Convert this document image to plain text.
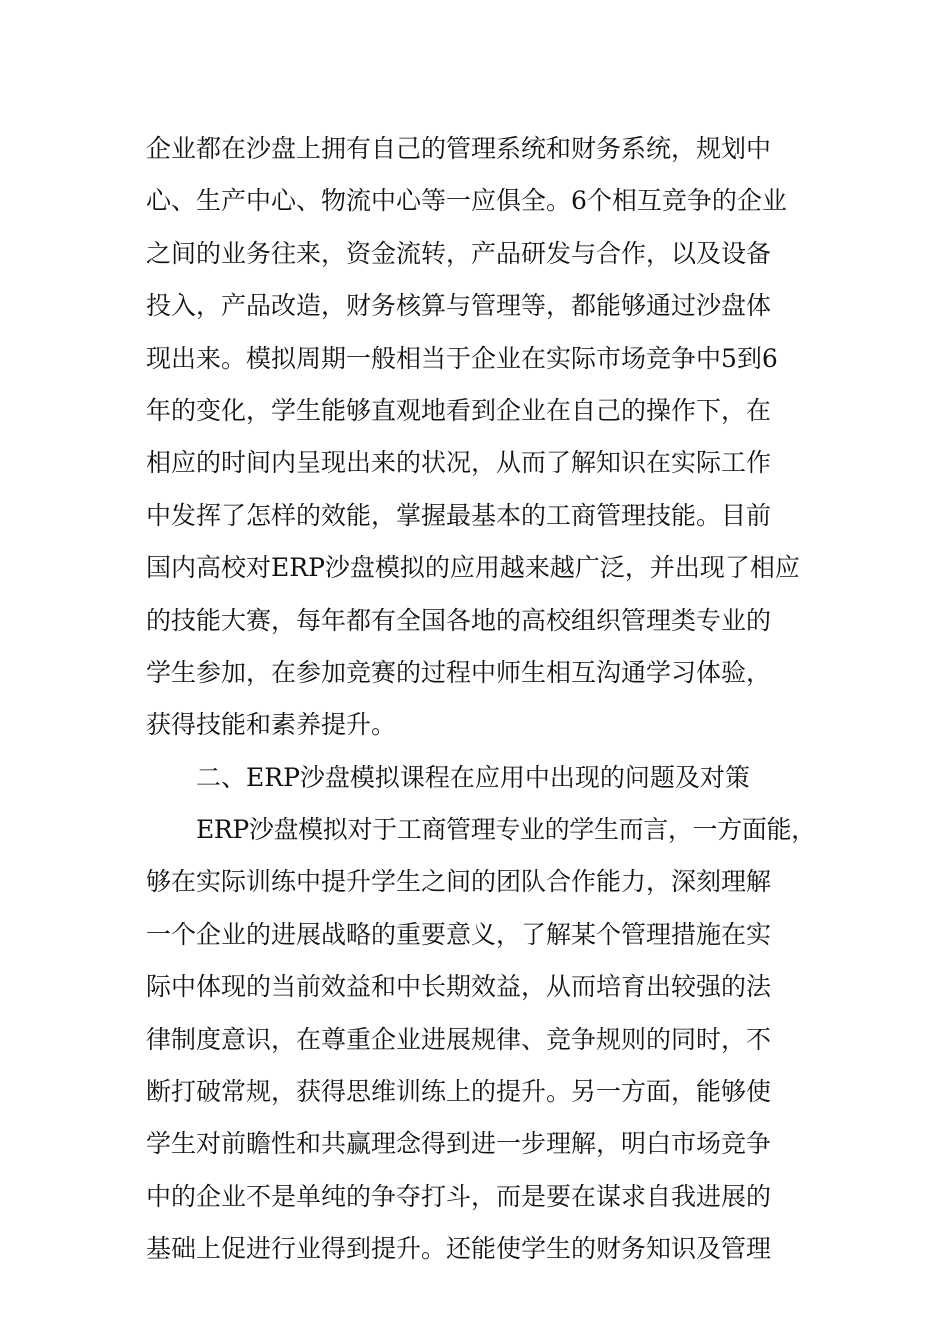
企业都在沙盘上拥有自己的管理系统和财务系统，规划中
心、生产中心、物流中心等一应俱全。6个相互竞争的企业
之间的业务往来，资金流转，产品研发与合作，以及设备
投入，产品改造，财务核算与管理等，都能够通过沙盘体
现出来。模拟周期一般相当于企业在实际市场竞争中5到6
年的变化，学生能够直观地看到企业在自己的操作下，在
相应的时间内呈现出来的状况，从而了解知识在实际工作
中发挥了怎样的效能，掌握最基本的工商管理技能。目前
国内高校对ERP沙盘模拟的应用越来越广泛，并出现了相应
的技能大赛，每年都有全国各地的高校组织管理类专业的
学生参加，在参加竞赛的过程中师生相互沟通学习体验，
获得技能和素养提升。
二、ERP沙盘模拟课程在应用中出现的问题及对策
ERP沙盘模拟对于工商管理专业的学生而言，一方面能，
够在实际训练中提升学生之间的团队合作能力，深刻理解
一个企业的进展战略的重要意义，了解某个管理措施在实
际中体现的当前效益和中长期效益，从而培育出较强的法
律制度意识，在尊重企业进展规律、竞争规则的同时，不
断打破常规，获得思维训练上的提升。另一方面，能够使
学生对前瞻性和共赢理念得到进一步理解，明白市场竞争
中的企业不是单纯的争夺打斗，而是要在谋求自我进展的
基础上促进行业得到提升。还能使学生的财务知识及管理
